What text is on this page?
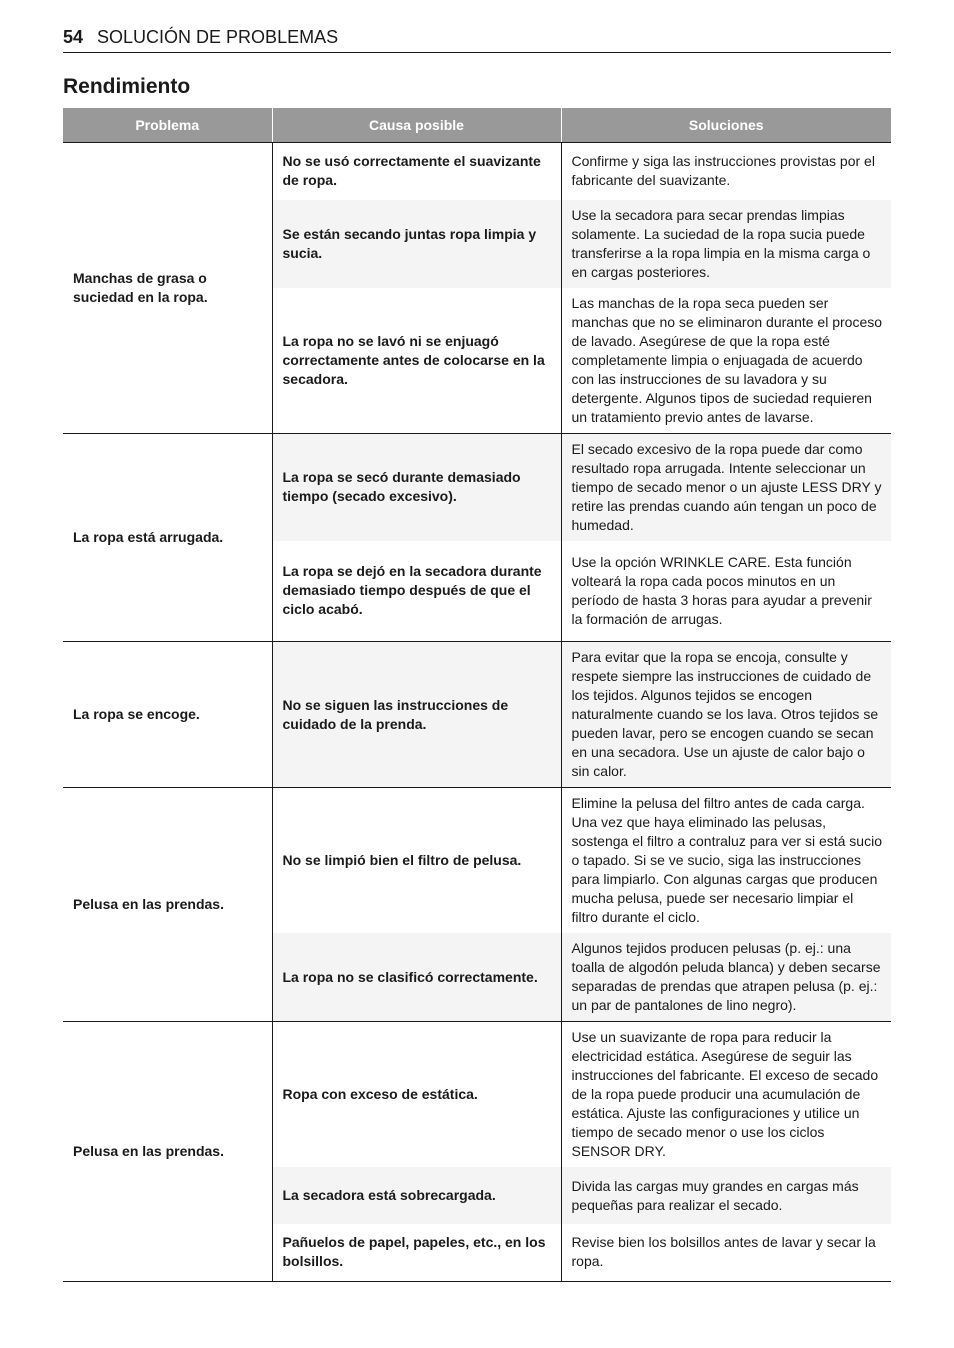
54 SOLUCIÓN DE PROBLEMAS
Rendimiento
Problema	Causa posible	Soluciones
Manchas de grasa o suciedad en la ropa.	No se usó correctamente el suavizante de ropa.	Confirme y siga las instrucciones provistas por el fabricante del suavizante.
	Se están secando juntas ropa limpia y sucia.	Use la secadora para secar prendas limpias solamente. La suciedad de la ropa sucia puede transferirse a la ropa limpia en la misma carga o en cargas posteriores.
	La ropa no se lavó ni se enjuagó correctamente antes de colocarse en la secadora.	Las manchas de la ropa seca pueden ser manchas que no se eliminaron durante el proceso de lavado. Asegúrese de que la ropa esté completamente limpia o enjuagada de acuerdo con las instrucciones de su lavadora y su detergente. Algunos tipos de suciedad requieren un tratamiento previo antes de lavarse.
La ropa está arrugada.	La ropa se secó durante demasiado tiempo (secado excesivo).	El secado excesivo de la ropa puede dar como resultado ropa arrugada. Intente seleccionar un tiempo de secado menor o un ajuste LESS DRY y retire las prendas cuando aún tengan un poco de humedad.
	La ropa se dejó en la secadora durante demasiado tiempo después de que el ciclo acabó.	Use la opción WRINKLE CARE. Esta función volteará la ropa cada pocos minutos en un período de hasta 3 horas para ayudar a prevenir la formación de arrugas.
La ropa se encoge.	No se siguen las instrucciones de cuidado de la prenda.	Para evitar que la ropa se encoja, consulte y respete siempre las instrucciones de cuidado de los tejidos. Algunos tejidos se encogen naturalmente cuando se los lava. Otros tejidos se pueden lavar, pero se encogen cuando se secan en una secadora. Use un ajuste de calor bajo o sin calor.
Pelusa en las prendas.	No se limpió bien el filtro de pelusa.	Elimine la pelusa del filtro antes de cada carga. Una vez que haya eliminado las pelusas, sostenga el filtro a contraluz para ver si está sucio o tapado. Si se ve sucio, siga las instrucciones para limpiarlo. Con algunas cargas que producen mucha pelusa, puede ser necesario limpiar el filtro durante el ciclo.
	La ropa no se clasificó correctamente.	Algunos tejidos producen pelusas (p. ej.: una toalla de algodón peluda blanca) y deben secarse separadas de prendas que atrapen pelusa (p. ej.: un par de pantalones de lino negro).
Pelusa en las prendas.	Ropa con exceso de estática.	Use un suavizante de ropa para reducir la electricidad estática. Asegúrese de seguir las instrucciones del fabricante. El exceso de secado de la ropa puede producir una acumulación de estática. Ajuste las configuraciones y utilice un tiempo de secado menor o use los ciclos SENSOR DRY.
	La secadora está sobrecargada.	Divida las cargas muy grandes en cargas más pequeñas para realizar el secado.
	Pañuelos de papel, papeles, etc., en los bolsillos.	Revise bien los bolsillos antes de lavar y secar la ropa.
